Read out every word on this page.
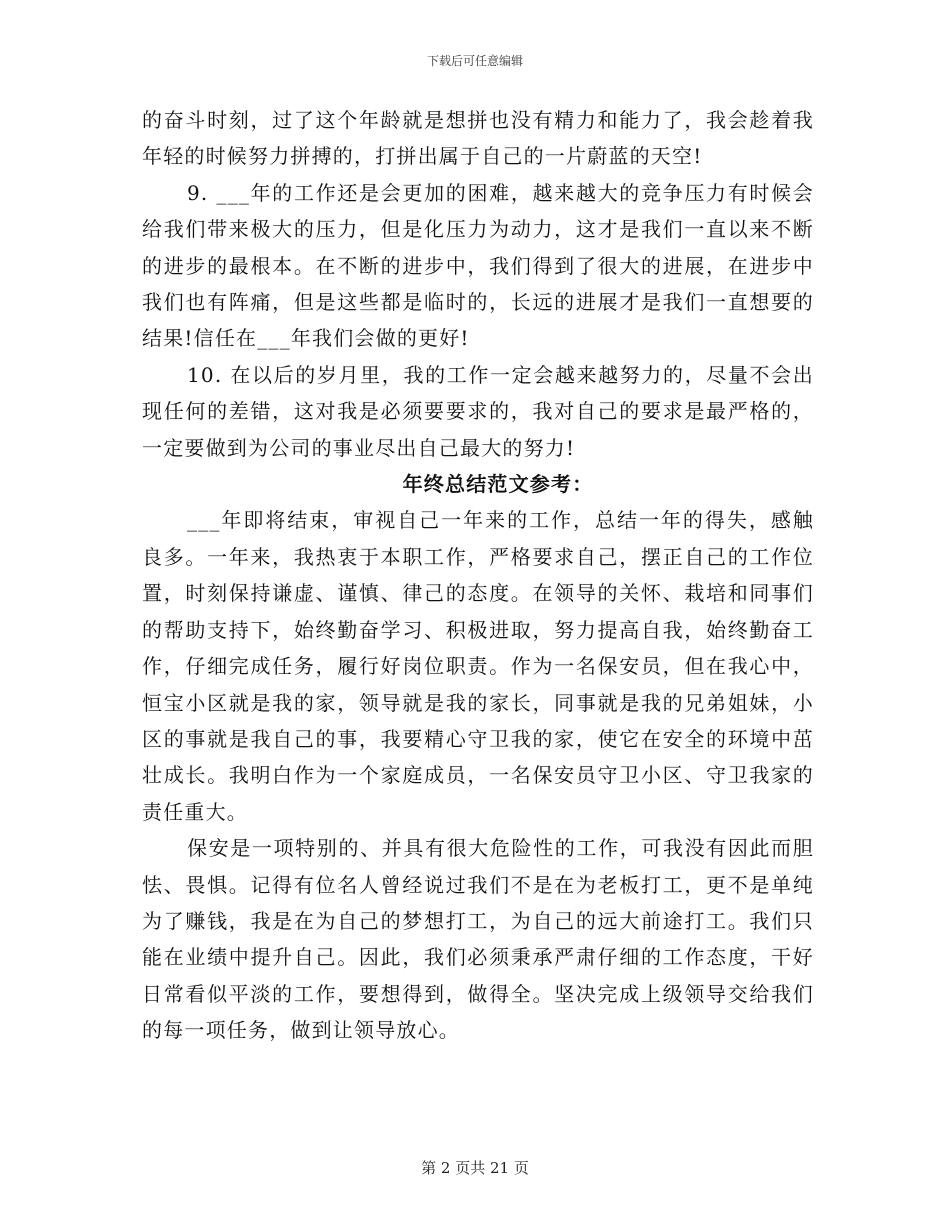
下载后可任意编辑

的奋斗时刻，过了这个年龄就是想拼也没有精力和能力了，我会趁着我年轻的时候努力拼搏的，打拼出属于自己的一片蔚蓝的天空!

9. ___年的工作还是会更加的困难，越来越大的竞争压力有时候会给我们带来极大的压力，但是化压力为动力，这才是我们一直以来不断的进步的最根本。在不断的进步中，我们得到了很大的进展，在进步中我们也有阵痛，但是这些都是临时的，长远的进展才是我们一直想要的结果!信任在___年我们会做的更好!

10. 在以后的岁月里，我的工作一定会越来越努力的，尽量不会出现任何的差错，这对我是必须要要求的，我对自己的要求是最严格的，一定要做到为公司的事业尽出自己最大的努力!

年终总结范文参考：

___年即将结束，审视自己一年来的工作，总结一年的得失，感触良多。一年来，我热衷于本职工作，严格要求自己，摆正自己的工作位置，时刻保持谦虚、谨慎、律己的态度。在领导的关怀、栽培和同事们的帮助支持下，始终勤奋学习、积极进取，努力提高自我，始终勤奋工作，仔细完成任务，履行好岗位职责。作为一名保安员，但在我心中，恒宝小区就是我的家，领导就是我的家长，同事就是我的兄弟姐妹，小区的事就是我自己的事，我要精心守卫我的家，使它在安全的环境中茁壮成长。我明白作为一个家庭成员，一名保安员守卫小区、守卫我家的责任重大。

保安是一项特别的、并具有很大危险性的工作，可我没有因此而胆怯、畏惧。记得有位名人曾经说过我们不是在为老板打工，更不是单纯为了赚钱，我是在为自己的梦想打工，为自己的远大前途打工。我们只能在业绩中提升自己。因此，我们必须秉承严肃仔细的工作态度，干好日常看似平淡的工作，要想得到，做得全。坚决完成上级领导交给我们的每一项任务，做到让领导放心。

第 2 页共 21 页
